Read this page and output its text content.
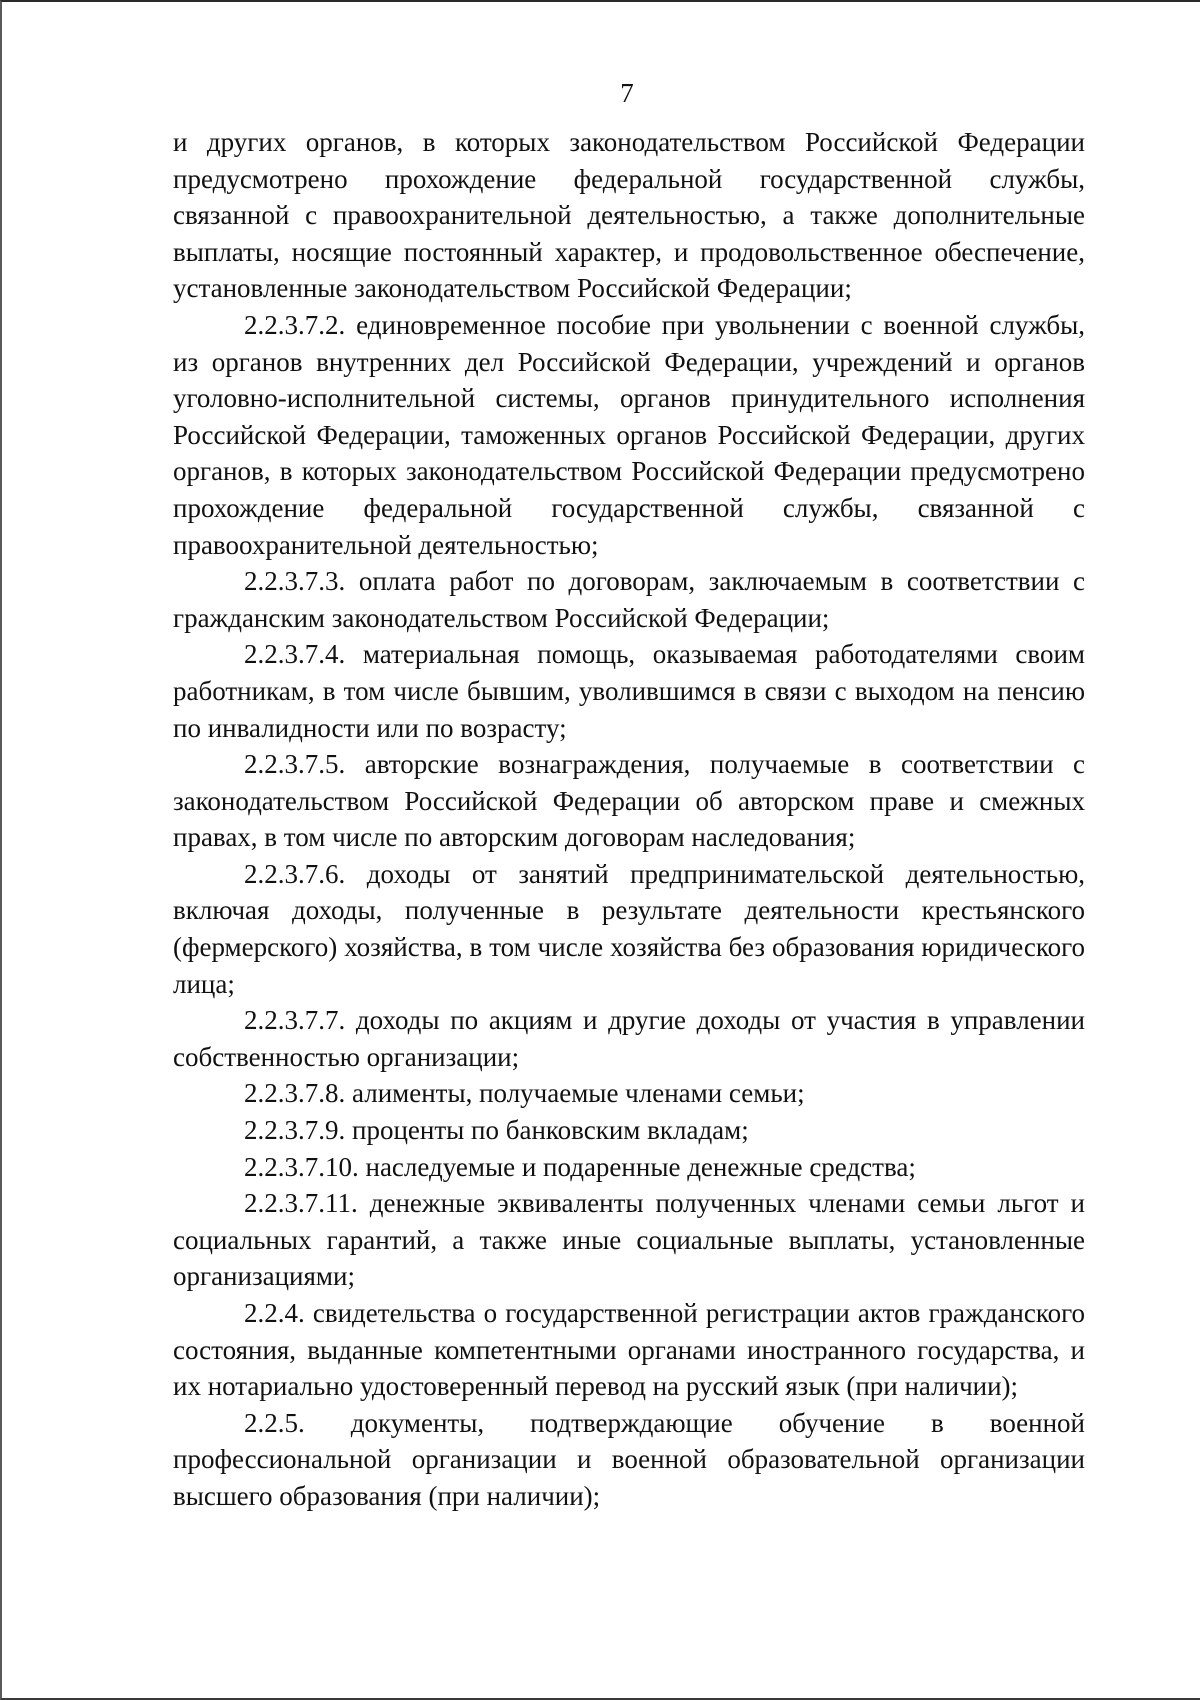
7

и других органов, в которых законодательством Российской Федерации предусмотрено прохождение федеральной государственной службы, связанной с правоохранительной деятельностью, а также дополнительные выплаты, носящие постоянный характер, и продовольственное обеспечение, установленные законодательством Российской Федерации;

2.2.3.7.2. единовременное пособие при увольнении с военной службы, из органов внутренних дел Российской Федерации, учреждений и органов уголовно-исполнительной системы, органов принудительного исполнения Российской Федерации, таможенных органов Российской Федерации, других органов, в которых законодательством Российской Федерации предусмотрено прохождение федеральной государственной службы, связанной с правоохранительной деятельностью;

2.2.3.7.3. оплата работ по договорам, заключаемым в соответствии с гражданским законодательством Российской Федерации;

2.2.3.7.4. материальная помощь, оказываемая работодателями своим работникам, в том числе бывшим, уволившимся в связи с выходом на пенсию по инвалидности или по возрасту;

2.2.3.7.5. авторские вознаграждения, получаемые в соответствии с законодательством Российской Федерации об авторском праве и смежных правах, в том числе по авторским договорам наследования;

2.2.3.7.6. доходы от занятий предпринимательской деятельностью, включая доходы, полученные в результате деятельности крестьянского (фермерского) хозяйства, в том числе хозяйства без образования юридического лица;

2.2.3.7.7. доходы по акциям и другие доходы от участия в управлении собственностью организации;

2.2.3.7.8. алименты, получаемые членами семьи;

2.2.3.7.9. проценты по банковским вкладам;

2.2.3.7.10. наследуемые и подаренные денежные средства;

2.2.3.7.11. денежные эквиваленты полученных членами семьи льгот и социальных гарантий, а также иные социальные выплаты, установленные организациями;

2.2.4. свидетельства о государственной регистрации актов гражданского состояния, выданные компетентными органами иностранного государства, и их нотариально удостоверенный перевод на русский язык (при наличии);

2.2.5. документы, подтверждающие обучение в военной профессиональной организации и военной образовательной организации высшего образования (при наличии);
